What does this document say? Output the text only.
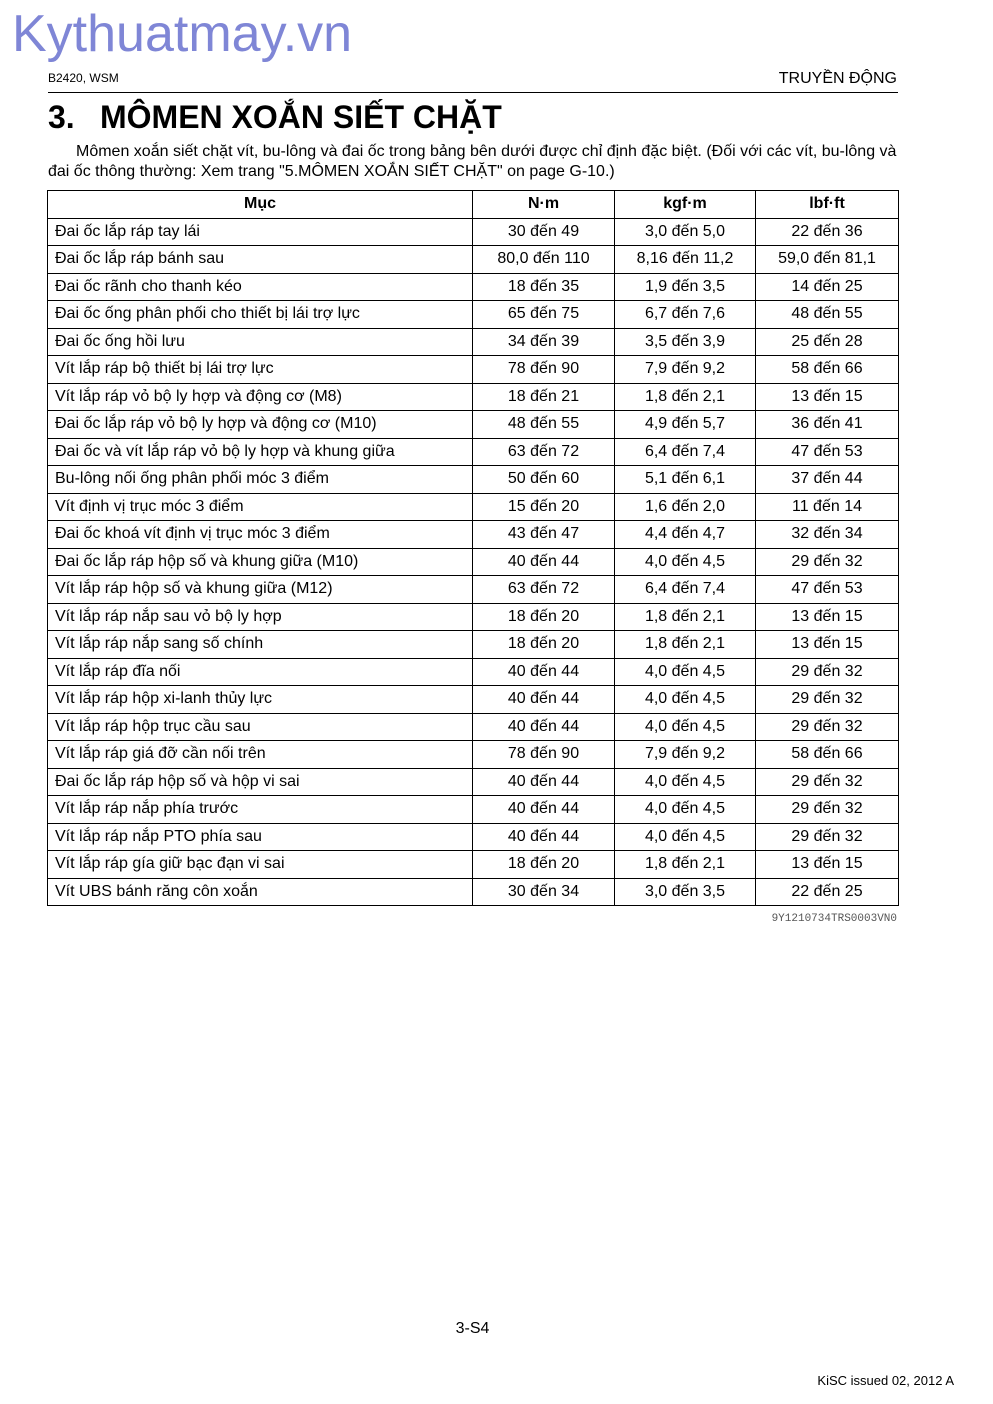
Kythuatmay.vn
B2420, WSM	TRUYỀN ĐỘNG
3. MÔMEN XOẮN SIẾT CHẶT
Mômen xoắn siết chặt vít, bu-lông và đai ốc trong bảng bên dưới được chỉ định đặc biệt. (Đối với các vít, bu-lông và đai ốc thông thường: Xem trang "5.MÔMEN XOẮN SIẾT CHẶT" on page G-10.)
Mục	N·m	kgf·m	lbf·ft
Đai ốc lắp ráp tay lái	30 đến 49	3,0 đến 5,0	22 đến 36
Đai ốc lắp ráp bánh sau	80,0 đến 110	8,16 đến 11,2	59,0 đến 81,1
Đai ốc rãnh cho thanh kéo	18 đến 35	1,9 đến 3,5	14 đến 25
Đai ốc ống phân phối cho thiết bị lái trợ lực	65 đến 75	6,7 đến 7,6	48 đến 55
Đai ốc ống hồi lưu	34 đến 39	3,5 đến 3,9	25 đến 28
Vít lắp ráp bộ thiết bị lái trợ lực	78 đến 90	7,9 đến 9,2	58 đến 66
Vít lắp ráp vỏ bộ ly hợp và động cơ (M8)	18 đến 21	1,8 đến 2,1	13 đến 15
Đai ốc lắp ráp vỏ bộ ly hợp và động cơ (M10)	48 đến 55	4,9 đến 5,7	36 đến 41
Đai ốc và vít lắp ráp vỏ bộ ly hợp và khung giữa	63 đến 72	6,4 đến 7,4	47 đến 53
Bu-lông nối ống phân phối móc 3 điểm	50 đến 60	5,1 đến 6,1	37 đến 44
Vít định vị trục móc 3 điểm	15 đến 20	1,6 đến 2,0	11 đến 14
Đai ốc khoá vít định vị trục móc 3 điểm	43 đến 47	4,4 đến 4,7	32 đến 34
Đai ốc lắp ráp hộp số và khung giữa (M10)	40 đến 44	4,0 đến 4,5	29 đến 32
Vít lắp ráp hộp số và khung giữa (M12)	63 đến 72	6,4 đến 7,4	47 đến 53
Vít lắp ráp nắp sau vỏ bộ ly hợp	18 đến 20	1,8 đến 2,1	13 đến 15
Vít lắp ráp nắp sang số chính	18 đến 20	1,8 đến 2,1	13 đến 15
Vít lắp ráp đĩa nối	40 đến 44	4,0 đến 4,5	29 đến 32
Vít lắp ráp hộp xi-lanh thủy lực	40 đến 44	4,0 đến 4,5	29 đến 32
Vít lắp ráp hộp trục cầu sau	40 đến 44	4,0 đến 4,5	29 đến 32
Vít lắp ráp giá đỡ cần nối trên	78 đến 90	7,9 đến 9,2	58 đến 66
Đai ốc lắp ráp hộp số và hộp vi sai	40 đến 44	4,0 đến 4,5	29 đến 32
Vít lắp ráp nắp phía trước	40 đến 44	4,0 đến 4,5	29 đến 32
Vít lắp ráp nắp PTO phía sau	40 đến 44	4,0 đến 4,5	29 đến 32
Vít lắp ráp gía giữ bạc đạn vi sai	18 đến 20	1,8 đến 2,1	13 đến 15
Vít UBS bánh răng côn xoắn	30 đến 34	3,0 đến 3,5	22 đến 25
9Y1210734TRS0003VN0
3-S4
KiSC issued 02, 2012 A
